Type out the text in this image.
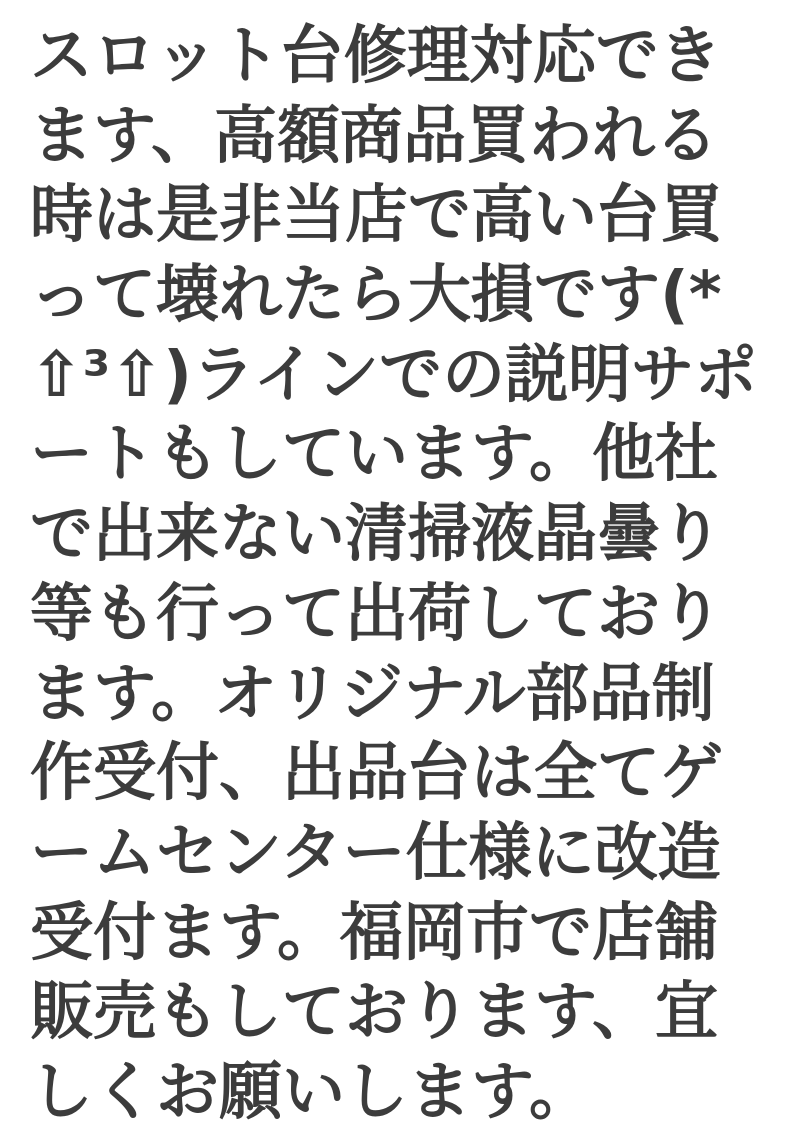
スロット台修理対応できます、高額商品買われる時は是非当店で高い台買って壊れたら大損です(*⇧³⇧)ラインでの説明サポートもしています。他社で出来ない清掃液晶曇り等も行って出荷しております。オリジナル部品制作受付、出品台は全てゲームセンター仕様に改造受付ます。福岡市で店舗販売もしております、宜しくお願いします。
